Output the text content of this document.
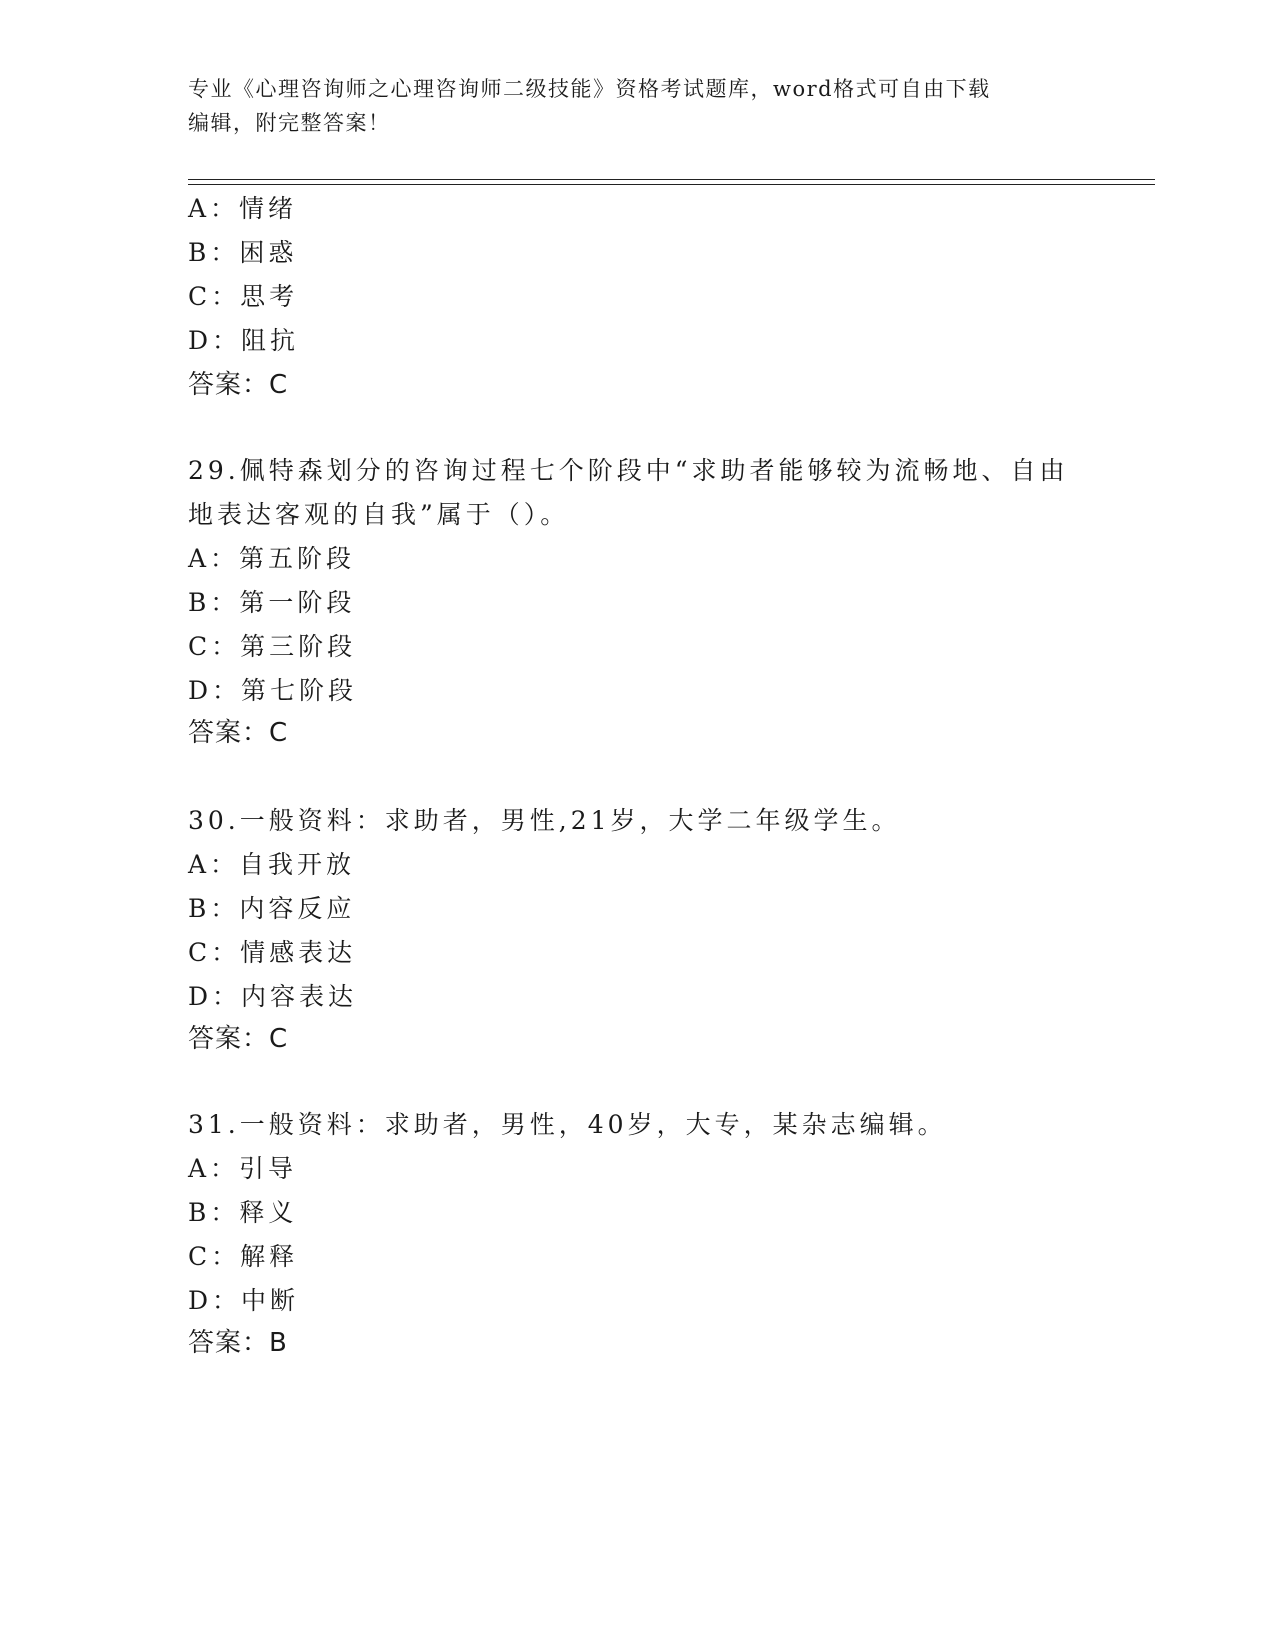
专业《心理咨询师之心理咨询师二级技能》资格考试题库，word格式可自由下载
编辑，附完整答案！
A：情绪
B：困惑
C：思考
D：阻抗
答案：C
29.佩特森划分的咨询过程七个阶段中“求助者能够较为流畅地、自由
地表达客观的自我”属于（）。
A：第五阶段
B：第一阶段
C：第三阶段
D：第七阶段
答案：C
30.一般资料：求助者，男性,21岁，大学二年级学生。
A：自我开放
B：内容反应
C：情感表达
D：内容表达
答案：C
31.一般资料：求助者，男性，40岁，大专，某杂志编辑。
A：引导
B：释义
C：解释
D：中断
答案：B
